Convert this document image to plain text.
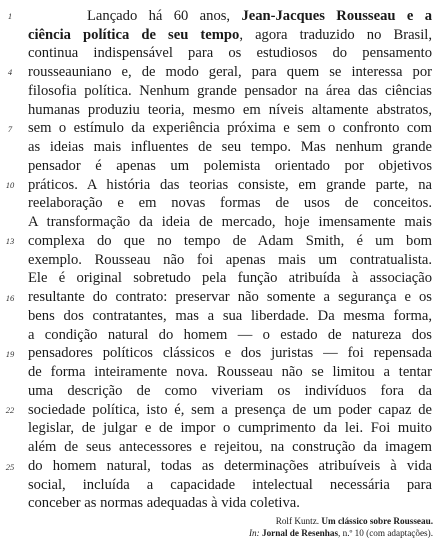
1
4
7
10
13
16
19
22
25
Lançado há 60 anos, Jean-Jacques Rousseau e a
ciência política de seu tempo, agora traduzido no Brasil,
continua indispensável para os estudiosos do pensamento
rousseauniano e, de modo geral, para quem se interessa por
filosofia política. Nenhum grande pensador na área das ciências
humanas produziu teoria, mesmo em níveis altamente abstratos,
sem o estímulo da experiência próxima e sem o confronto com
as ideias mais influentes de seu tempo. Mas nenhum grande
pensador é apenas um polemista orientado por objetivos
práticos. A história das teorias consiste, em grande parte, na
reelaboração e em novas formas de usos de conceitos.
A transformação da ideia de mercado, hoje imensamente mais
complexa do que no tempo de Adam Smith, é um bom
exemplo. Rousseau não foi apenas mais um contratualista.
Ele é original sobretudo pela função atribuída à associação
resultante do contrato: preservar não somente a segurança e os
bens dos contratantes, mas a sua liberdade. Da mesma forma,
a condição natural do homem — o estado de natureza dos
pensadores políticos clássicos e dos juristas — foi repensada
de forma inteiramente nova. Rousseau não se limitou a tentar
uma descrição de como viveriam os indivíduos fora da
sociedade política, isto é, sem a presença de um poder capaz de
legislar, de julgar e de impor o cumprimento da lei. Foi muito
além de seus antecessores e rejeitou, na construção da imagem
do homem natural, todas as determinações atribuíveis à vida
social, incluída a capacidade intelectual necessária para
conceber as normas adequadas à vida coletiva.
Rolf Kuntz. Um clássico sobre Rousseau.
In: Jornal de Resenhas, n.º 10 (com adaptações).
